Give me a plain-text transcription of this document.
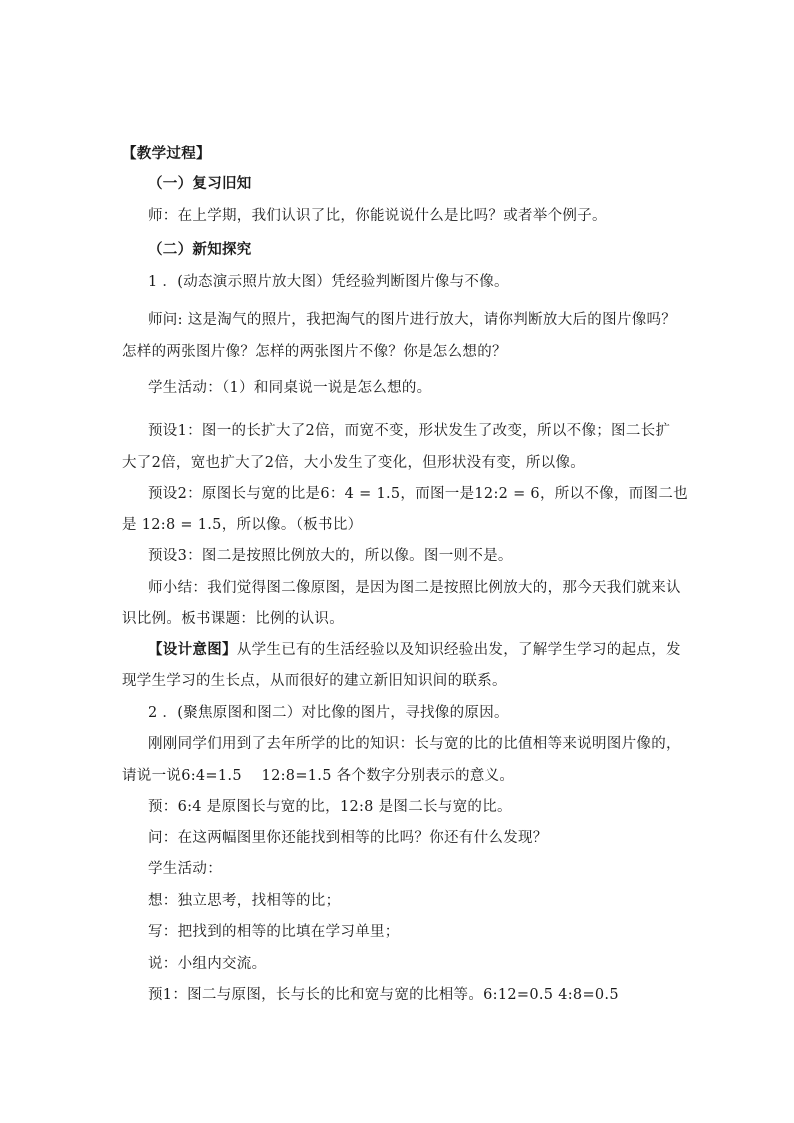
【教学过程】
（一）复习旧知
师：在上学期，我们认识了比，你能说说什么是比吗？或者举个例子。
（二）新知探究
1 ．(动态演示照片放大图）凭经验判断图片像与不像。
师问: 这是淘气的照片，我把淘气的图片进行放大，请你判断放大后的图片像吗？
怎样的两张图片像？怎样的两张图片不像？你是怎么想的？
学生活动：（1）和同桌说一说是怎么想的。
预设1：图一的长扩大了2倍，而宽不变，形状发生了改变，所以不像；图二长扩
大了2倍，宽也扩大了2倍，大小发生了变化，但形状没有变，所以像。
预设2：原图长与宽的比是6：4 = 1.5，而图一是12:2 = 6，所以不像，而图二也
是 12:8 = 1.5，所以像。（板书比）
预设3：图二是按照比例放大的，所以像。图一则不是。
师小结：我们觉得图二像原图，是因为图二是按照比例放大的，那今天我们就来认
识比例。板书课题：比例的认识。
【设计意图】从学生已有的生活经验以及知识经验出发，了解学生学习的起点，发
现学生学习的生长点，从而很好的建立新旧知识间的联系。
2 ．(聚焦原图和图二）对比像的图片，寻找像的原因。
刚刚同学们用到了去年所学的比的知识：长与宽的比的比值相等来说明图片像的，
请说一说6:4=1.5　 12:8=1.5 各个数字分别表示的意义。
预：6:4 是原图长与宽的比，12:8 是图二长与宽的比。
问：在这两幅图里你还能找到相等的比吗？你还有什么发现？
学生活动：
想：独立思考，找相等的比；
写：把找到的相等的比填在学习单里；
说：小组内交流。
预1：图二与原图，长与长的比和宽与宽的比相等。6:12=0.5 4:8=0.5
